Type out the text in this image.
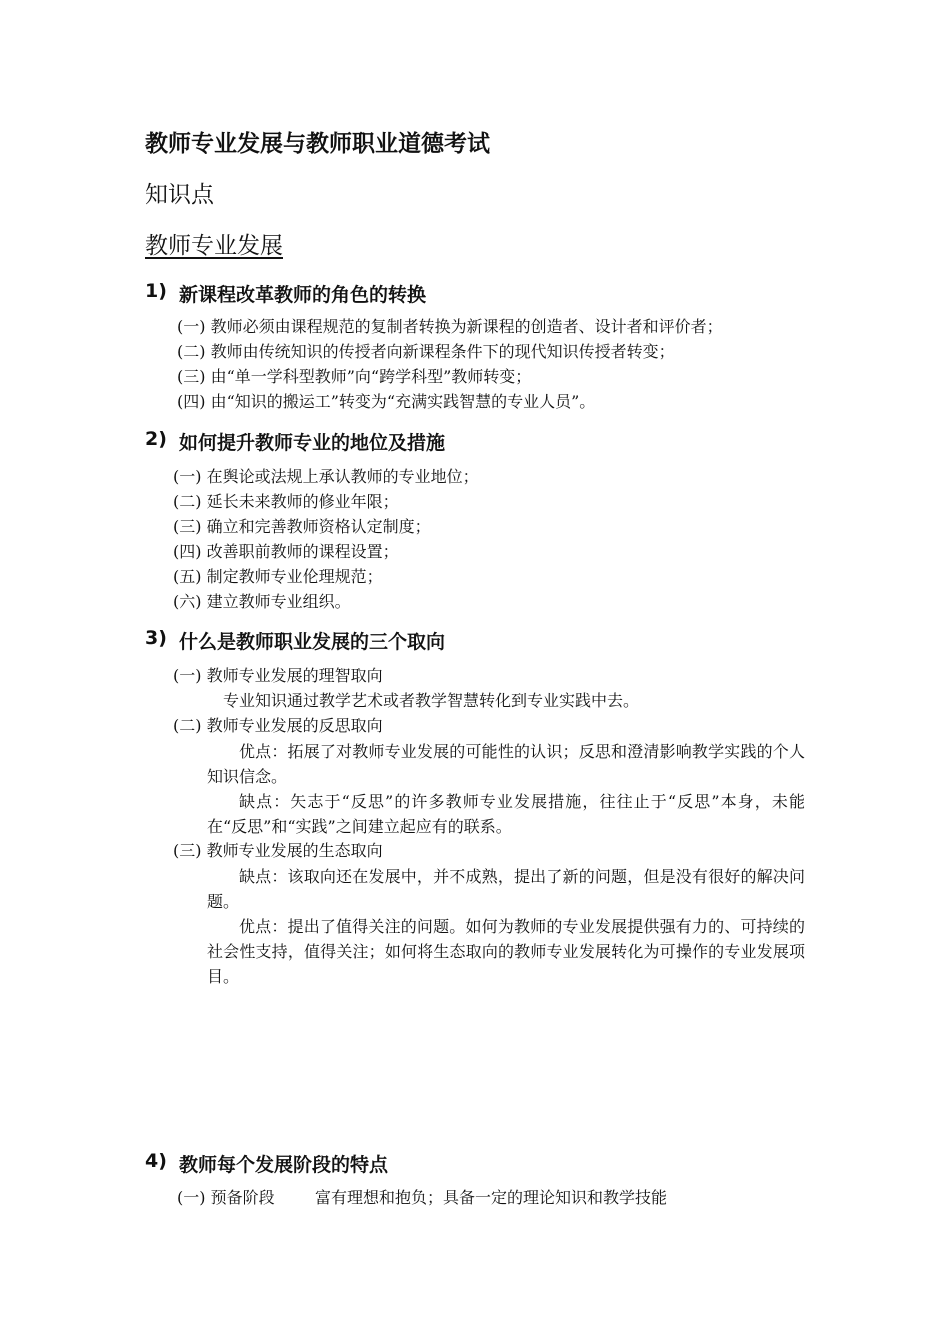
教师专业发展与教师职业道德考试
知识点
教师专业发展
1) 新课程改革教师的角色的转换
(一) 教师必须由课程规范的复制者转换为新课程的创造者、设计者和评价者；
(二) 教师由传统知识的传授者向新课程条件下的现代知识传授者转变；
(三) 由“单一学科型教师”向“跨学科型”教师转变；
(四) 由“知识的搬运工”转变为“充满实践智慧的专业人员”。
2) 如何提升教师专业的地位及措施
(一) 在舆论或法规上承认教师的专业地位；
(二) 延长未来教师的修业年限；
(三) 确立和完善教师资格认定制度；
(四) 改善职前教师的课程设置；
(五) 制定教师专业伦理规范；
(六) 建立教师专业组织。
3) 什么是教师职业发展的三个取向
(一) 教师专业发展的理智取向
专业知识通过教学艺术或者教学智慧转化到专业实践中去。
(二) 教师专业发展的反思取向
优点：拓展了对教师专业发展的可能性的认识；反思和澄清影响教学实践的个人知识信念。
缺点：矢志于“反思”的许多教师专业发展措施，往往止于“反思”本身，未能在“反思”和“实践”之间建立起应有的联系。
(三) 教师专业发展的生态取向
缺点：该取向还在发展中，并不成熟，提出了新的问题，但是没有很好的解决问题。
优点：提出了值得关注的问题。如何为教师的专业发展提供强有力的、可持续的社会性支持，值得关注；如何将生态取向的教师专业发展转化为可操作的专业发展项目。
4) 教师每个发展阶段的特点
(一) 预备阶段	富有理想和抱负；具备一定的理论知识和教学技能
